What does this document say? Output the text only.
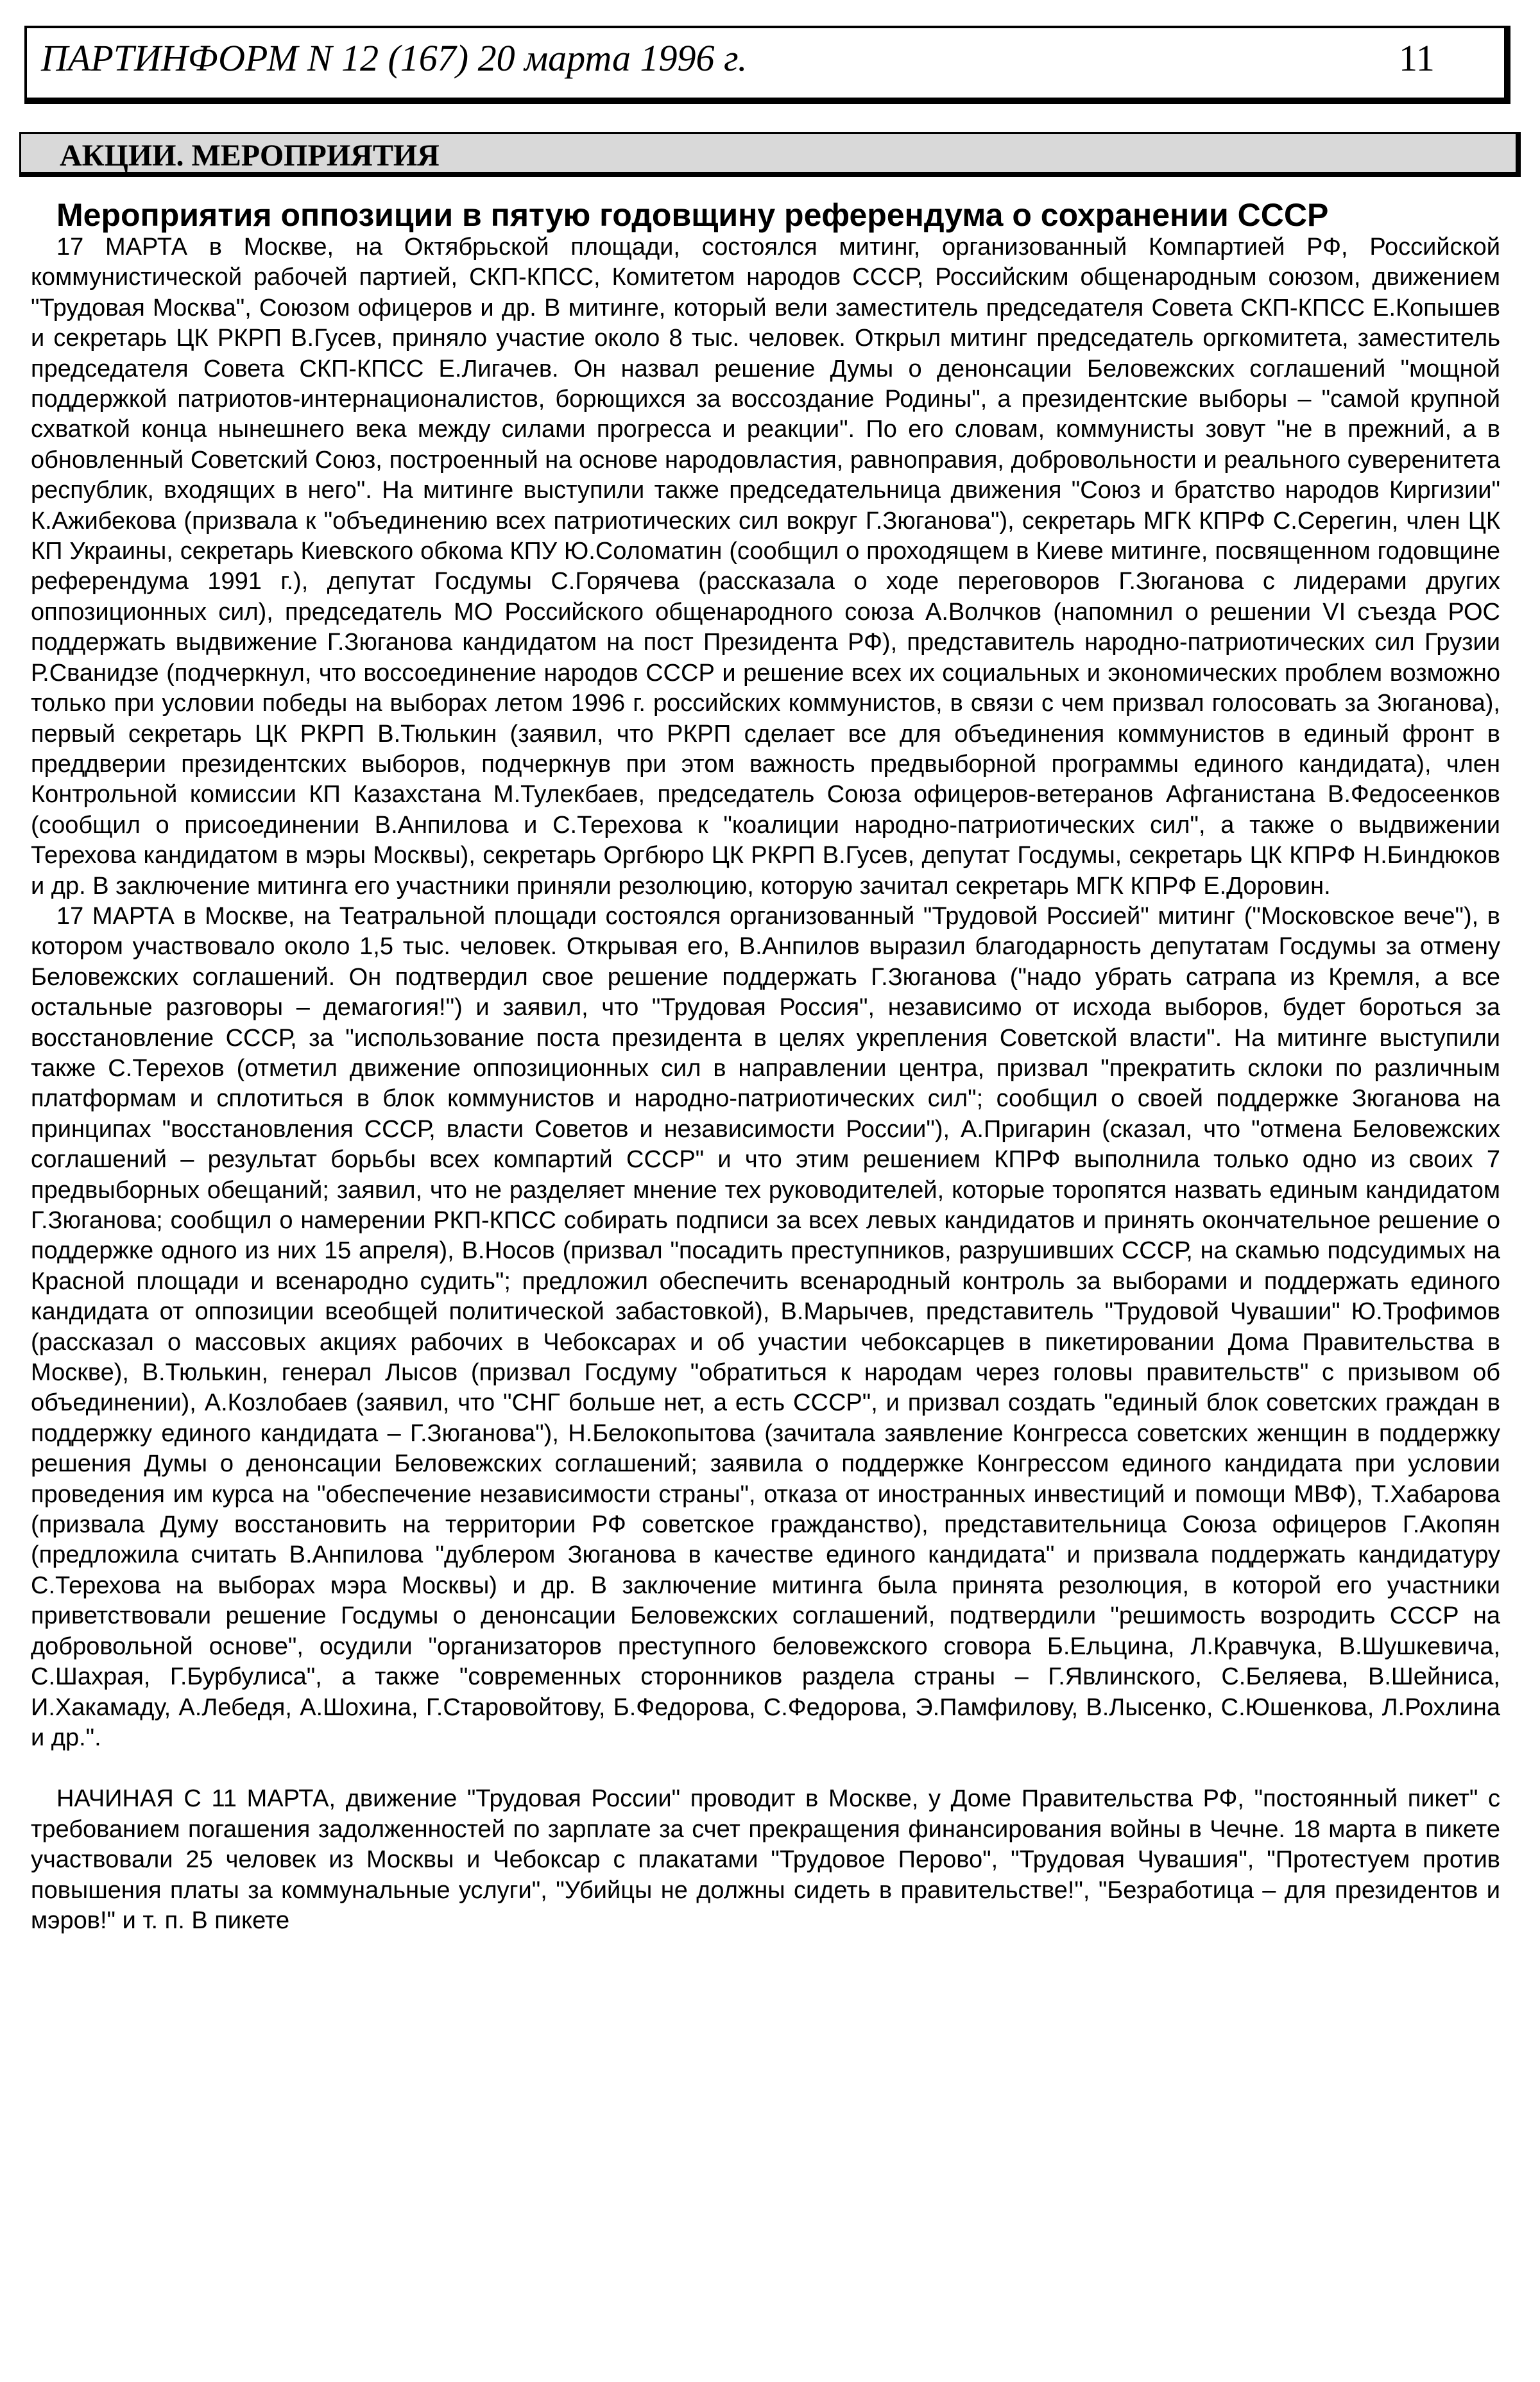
ПАРТИНФОРМ N 12 (167) 20 марта 1996 г.	11
АКЦИИ. МЕРОПРИЯТИЯ
Мероприятия оппозиции в пятую годовщину референдума о сохранении СССР

17 МАРТА в Москве, на Октябрьской площади, состоялся митинг, организованный Компартией РФ, Российской коммунистической рабочей партией, СКП-КПСС, Комитетом народов СССР, Российским общенародным союзом, движением "Трудовая Москва", Союзом офицеров и др. В митинге, который вели заместитель председателя Совета СКП-КПСС Е.Копышев и секретарь ЦК РКРП В.Гусев, приняло участие около 8 тыс. человек. Открыл митинг председатель оргкомитета, заместитель председателя Совета СКП-КПСС Е.Лигачев. Он назвал решение Думы о денонсации Беловежских соглашений "мощной поддержкой патриотов-интернационалистов, борющихся за воссоздание Родины", а президентские выборы – "самой крупной схваткой конца нынешнего века между силами прогресса и реакции". По его словам, коммунисты зовут "не в прежний, а в обновленный Советский Союз, построенный на основе народовластия, равноправия, добровольности и реального суверенитета республик, входящих в него". На митинге выступили также председательница движения "Союз и братство народов Киргизии" К.Ажибекова (призвала к "объединению всех патриотических сил вокруг Г.Зюганова"), секретарь МГК КПРФ С.Серегин, член ЦК КП Украины, секретарь Киевского обкома КПУ Ю.Соломатин (сообщил о проходящем в Киеве митинге, посвященном годовщине референдума 1991 г.), депутат Госдумы С.Горячева (рассказала о ходе переговоров Г.Зюганова с лидерами других оппозиционных сил), председатель МО Российского общенародного союза А.Волчков (напомнил о решении VI съезда РОС поддержать выдвижение Г.Зюганова кандидатом на пост Президента РФ), представитель народно-патриотических сил Грузии Р.Сванидзе (подчеркнул, что воссоединение народов СССР и решение всех их социальных и экономических проблем возможно только при условии победы на выборах летом 1996 г. российских коммунистов, в связи с чем призвал голосовать за Зюганова), первый секретарь ЦК РКРП В.Тюлькин (заявил, что РКРП сделает все для объединения коммунистов в единый фронт в преддверии президентских выборов, подчеркнув при этом важность предвыборной программы единого кандидата), член Контрольной комиссии КП Казахстана М.Тулекбаев, председатель Союза офицеров-ветеранов Афганистана В.Федосеенков (сообщил о присоединении В.Анпилова и С.Терехова к "коалиции народно-патриотических сил", а также о выдвижении Терехова кандидатом в мэры Москвы), секретарь Оргбюро ЦК РКРП В.Гусев, депутат Госдумы, секретарь ЦК КПРФ Н.Биндюков и др. В заключение митинга его участники приняли резолюцию, которую зачитал секретарь МГК КПРФ Е.Доровин.

17 МАРТА в Москве, на Театральной площади состоялся организованный "Трудовой Россией" митинг ("Московское вече"), в котором участвовало около 1,5 тыс. человек. Открывая его, В.Анпилов выразил благодарность депутатам Госдумы за отмену Беловежских соглашений. Он подтвердил свое решение поддержать Г.Зюганова ("надо убрать сатрапа из Кремля, а все остальные разговоры – демагогия!") и заявил, что "Трудовая Россия", независимо от исхода выборов, будет бороться за восстановление СССР, за "использование поста президента в целях укрепления Советской власти". На митинге выступили также С.Терехов (отметил движение оппозиционных сил в направлении центра, призвал "прекратить склоки по различным платформам и сплотиться в блок коммунистов и народно-патриотических сил"; сообщил о своей поддержке Зюганова на принципах "восстановления СССР, власти Советов и независимости России"), А.Пригарин (сказал, что "отмена Беловежских соглашений – результат борьбы всех компартий СССР" и что этим решением КПРФ выполнила только одно из своих 7 предвыборных обещаний; заявил, что не разделяет мнение тех руководителей, которые торопятся назвать единым кандидатом Г.Зюганова; сообщил о намерении РКП-КПСС собирать подписи за всех левых кандидатов и принять окончательное решение о поддержке одного из них 15 апреля), В.Носов (призвал "посадить преступников, разрушивших СССР, на скамью подсудимых на Красной площади и всенародно судить"; предложил обеспечить всенародный контроль за выборами и поддержать единого кандидата от оппозиции всеобщей политической забастовкой), В.Марычев, представитель "Трудовой Чувашии" Ю.Трофимов (рассказал о массовых акциях рабочих в Чебоксарах и об участии чебоксарцев в пикетировании Дома Правительства в Москве), В.Тюлькин, генерал Лысов (призвал Госдуму "обратиться к народам через головы правительств" с призывом об объединении), А.Козлобаев (заявил, что "СНГ больше нет, а есть СССР", и призвал создать "единый блок советских граждан в поддержку единого кандидата – Г.Зюганова"), Н.Белокопытова (зачитала заявление Конгресса советских женщин в поддержку решения Думы о денонсации Беловежских соглашений; заявила о поддержке Конгрессом единого кандидата при условии проведения им курса на "обеспечение независимости страны", отказа от иностранных инвестиций и помощи МВФ), Т.Хабарова (призвала Думу восстановить на территории РФ советское гражданство), представительница Союза офицеров Г.Акопян (предложила считать В.Анпилова "дублером Зюганова в качестве единого кандидата" и призвала поддержать кандидатуру С.Терехова на выборах мэра Москвы) и др. В заключение митинга была принята резолюция, в которой его участники приветствовали решение Госдумы о денонсации Беловежских соглашений, подтвердили "решимость возродить СССР на добровольной основе", осудили "организаторов преступного беловежского сговора Б.Ельцина, Л.Кравчука, В.Шушкевича, С.Шахрая, Г.Бурбулиса", а также "современных сторонников раздела страны – Г.Явлинского, С.Беляева, В.Шейниса, И.Хакамаду, А.Лебедя, А.Шохина, Г.Старовойтову, Б.Федорова, С.Федорова, Э.Памфилову, В.Лысенко, С.Юшенкова, Л.Рохлина и др.".

НАЧИНАЯ С 11 МАРТА, движение "Трудовая России" проводит в Москве, у Доме Правительства РФ, "постоянный пикет" с требованием погашения задолженностей по зарплате за счет прекращения финансирования войны в Чечне. 18 марта в пикете участвовали 25 человек из Москвы и Чебоксар с плакатами "Трудовое Перово", "Трудовая Чувашия", "Протестуем против повышения платы за коммунальные услуги", "Убийцы не должны сидеть в правительстве!", "Безработица – для президентов и мэров!" и т. п. В пикете
